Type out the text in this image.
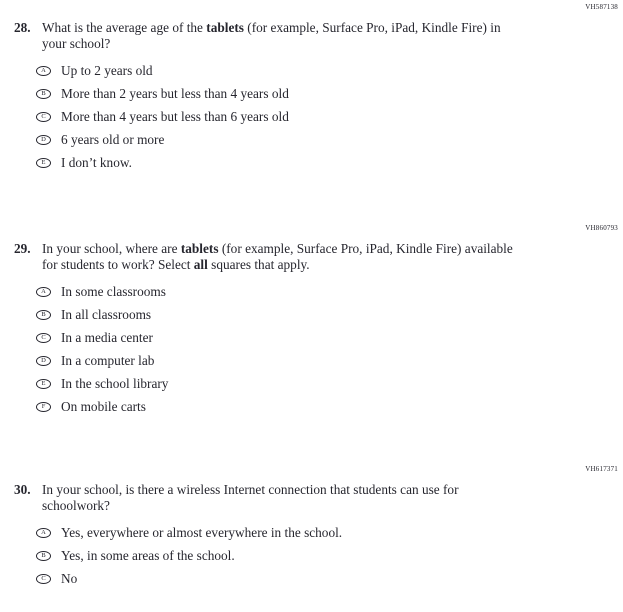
VH587138
28. What is the average age of the tablets (for example, Surface Pro, iPad, Kindle Fire) in your school?
A Up to 2 years old
B More than 2 years but less than 4 years old
C More than 4 years but less than 6 years old
D 6 years old or more
E I don’t know.
VH860793
29. In your school, where are tablets (for example, Surface Pro, iPad, Kindle Fire) available for students to work? Select all squares that apply.
A In some classrooms
B In all classrooms
C In a media center
D In a computer lab
E In the school library
F On mobile carts
VH617371
30. In your school, is there a wireless Internet connection that students can use for schoolwork?
A Yes, everywhere or almost everywhere in the school.
B Yes, in some areas of the school.
C No
